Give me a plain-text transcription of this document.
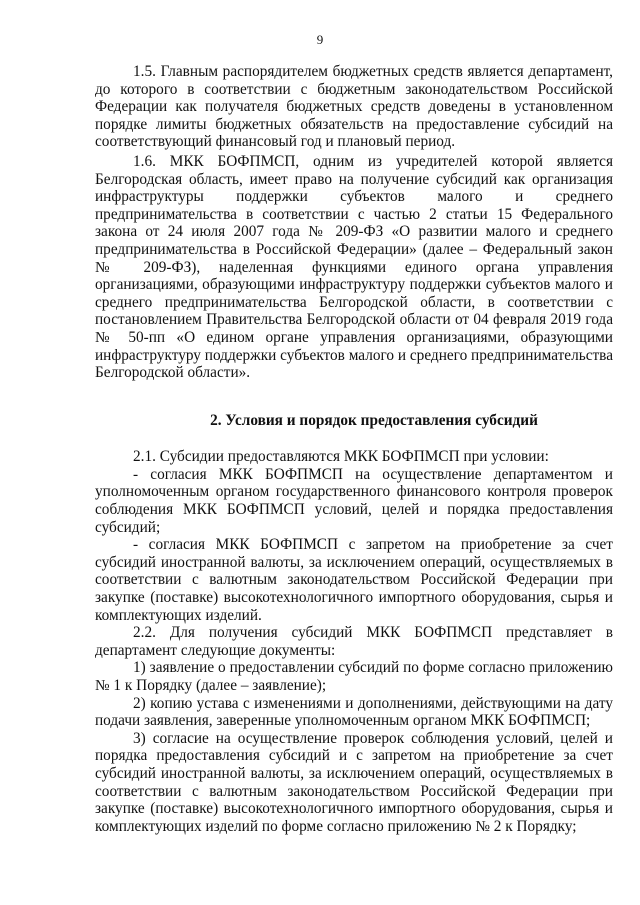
9

1.5. Главным распорядителем бюджетных средств является департамент, до которого в соответствии с бюджетным законодательством Российской Федерации как получателя бюджетных средств доведены в установленном порядке лимиты бюджетных обязательств на предоставление субсидий на соответствующий финансовый год и плановый период.

1.6. МКК БОФПМСП, одним из учредителей которой является Белгородская область, имеет право на получение субсидий как организация инфраструктуры поддержки субъектов малого и среднего предпринимательства в соответствии с частью 2 статьи 15 Федерального закона от 24 июля 2007 года № 209-ФЗ «О развитии малого и среднего предпринимательства в Российской Федерации» (далее – Федеральный закон № 209-ФЗ), наделенная функциями единого органа управления организациями, образующими инфраструктуру поддержки субъектов малого и среднего предпринимательства Белгородской области, в соответствии с постановлением Правительства Белгородской области от 04 февраля 2019 года № 50-пп «О едином органе управления организациями, образующими инфраструктуру поддержки субъектов малого и среднего предпринимательства Белгородской области».

2. Условия и порядок предоставления субсидий

2.1. Субсидии предоставляются МКК БОФПМСП при условии:

- согласия МКК БОФПМСП на осуществление департаментом и уполномоченным органом государственного финансового контроля проверок соблюдения МКК БОФПМСП условий, целей и порядка предоставления субсидий;

- согласия МКК БОФПМСП с запретом на приобретение за счет субсидий иностранной валюты, за исключением операций, осуществляемых в соответствии с валютным законодательством Российской Федерации при закупке (поставке) высокотехнологичного импортного оборудования, сырья и комплектующих изделий.

2.2. Для получения субсидий МКК БОФПМСП представляет в департамент следующие документы:

1) заявление о предоставлении субсидий по форме согласно приложению № 1 к Порядку (далее – заявление);

2) копию устава с изменениями и дополнениями, действующими на дату подачи заявления, заверенные уполномоченным органом МКК БОФПМСП;

3) согласие на осуществление проверок соблюдения условий, целей и порядка предоставления субсидий и с запретом на приобретение за счет субсидий иностранной валюты, за исключением операций, осуществляемых в соответствии с валютным законодательством Российской Федерации при закупке (поставке) высокотехнологичного импортного оборудования, сырья и комплектующих изделий по форме согласно приложению № 2 к Порядку;
